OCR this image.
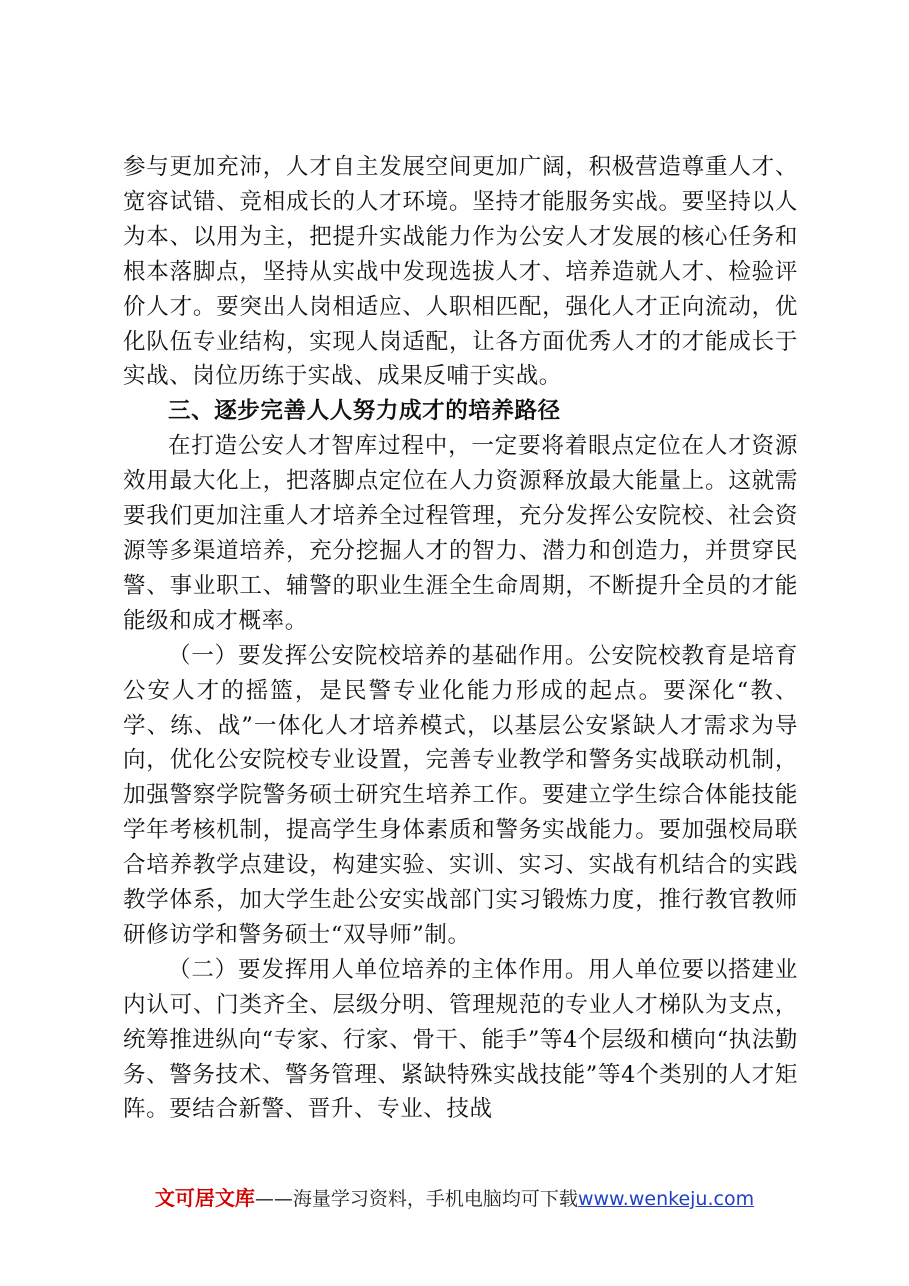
参与更加充沛，人才自主发展空间更加广阔，积极营造尊重人才、宽容试错、竞相成长的人才环境。坚持才能服务实战。要坚持以人为本、以用为主，把提升实战能力作为公安人才发展的核心任务和根本落脚点，坚持从实战中发现选拔人才、培养造就人才、检验评价人才。要突出人岗相适应、人职相匹配，强化人才正向流动，优化队伍专业结构，实现人岗适配，让各方面优秀人才的才能成长于实战、岗位历练于实战、成果反哺于实战。

三、逐步完善人人努力成才的培养路径

在打造公安人才智库过程中，一定要将着眼点定位在人才资源效用最大化上，把落脚点定位在人力资源释放最大能量上。这就需要我们更加注重人才培养全过程管理，充分发挥公安院校、社会资源等多渠道培养，充分挖掘人才的智力、潜力和创造力，并贯穿民警、事业职工、辅警的职业生涯全生命周期，不断提升全员的才能能级和成才概率。

（一）要发挥公安院校培养的基础作用。公安院校教育是培育公安人才的摇篮，是民警专业化能力形成的起点。要深化“教、学、练、战”一体化人才培养模式，以基层公安紧缺人才需求为导向，优化公安院校专业设置，完善专业教学和警务实战联动机制，加强警察学院警务硕士研究生培养工作。要建立学生综合体能技能学年考核机制，提高学生身体素质和警务实战能力。要加强校局联合培养教学点建设，构建实验、实训、实习、实战有机结合的实践教学体系，加大学生赴公安实战部门实习锻炼力度，推行教官教师研修访学和警务硕士“双导师”制。

（二）要发挥用人单位培养的主体作用。用人单位要以搭建业内认可、门类齐全、层级分明、管理规范的专业人才梯队为支点，统筹推进纵向“专家、行家、骨干、能手”等4个层级和横向“执法勤务、警务技术、警务管理、紧缺特殊实战技能”等4个类别的人才矩阵。要结合新警、晋升、专业、技战

文可居文库——海量学习资料，手机电脑均可下载www.wenkeju.com
